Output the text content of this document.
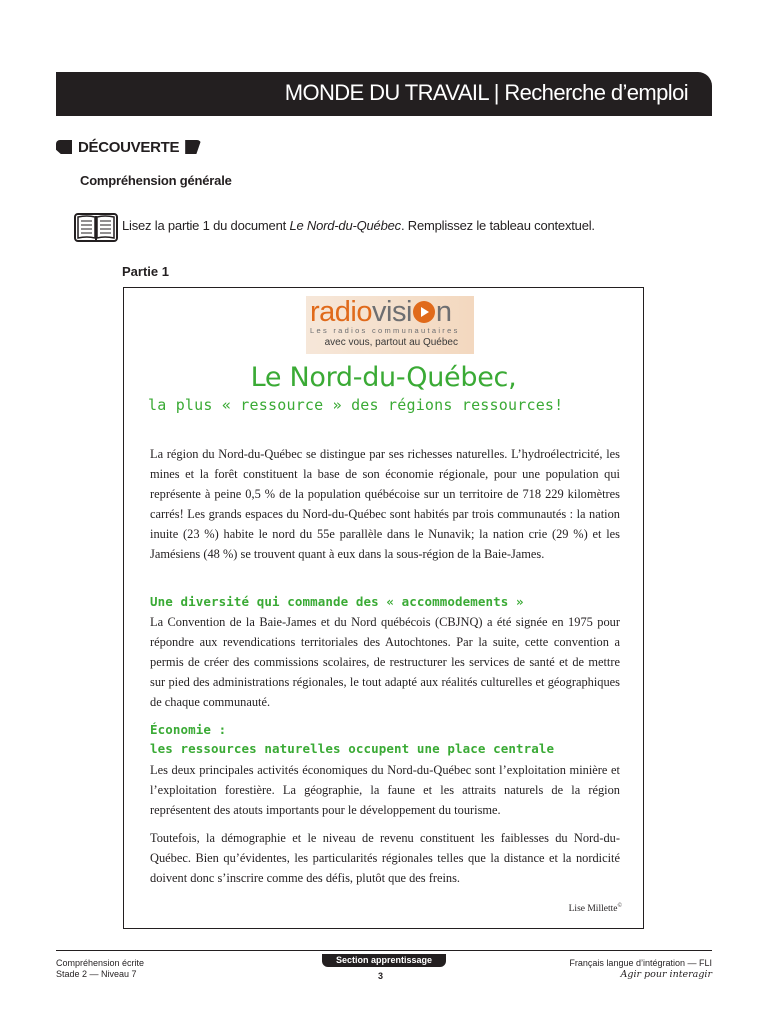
MONDE DU TRAVAIL | Recherche d’emploi
DÉCOUVERTE
Compréhension générale
Lisez la partie 1 du document Le Nord-du-Québec. Remplissez le tableau contextuel.
Partie 1
radiovisi n
Les radios communautaires
avec vous, partout au Québec
Le Nord-du-Québec,
la plus « ressource » des régions ressources!

La région du Nord-du-Québec se distingue par ses richesses naturelles. L’hydroélectricité, les mines et la forêt constituent la base de son économie régionale, pour une population qui représente à peine 0,5 % de la population québécoise sur un territoire de 718 229 kilomètres carrés! Les grands espaces du Nord-du-Québec sont habités par trois communautés : la nation inuite (23 %) habite le nord du 55e parallèle dans le Nunavik; la nation crie (29 %) et les Jamésiens (48 %) se trouvent quant à eux dans la sous-région de la Baie-James.

Une diversité qui commande des « accommodements »

La Convention de la Baie-James et du Nord québécois (CBJNQ) a été signée en 1975 pour répondre aux revendications territoriales des Autochtones. Par la suite, cette convention a permis de créer des commissions scolaires, de restructurer les services de santé et de mettre sur pied des administrations régionales, le tout adapté aux réalités culturelles et géographiques de chaque communauté.

Économie :
les ressources naturelles occupent une place centrale

Les deux principales activités économiques du Nord-du-Québec sont l’exploitation minière et l’exploitation forestière. La géographie, la faune et les attraits naturels de la région représentent des atouts importants pour le développement du tourisme.

Toutefois, la démographie et le niveau de revenu constituent les faiblesses du Nord-du-Québec. Bien qu’évidentes, les particularités régionales telles que la distance et la nordicité doivent donc s’inscrire comme des défis, plutôt que des freins.

Lise Millette©
Compréhension écrite
Stade 2 — Niveau 7
Section apprentissage
3
Français langue d’intégration — FLI
Agir pour interagir
